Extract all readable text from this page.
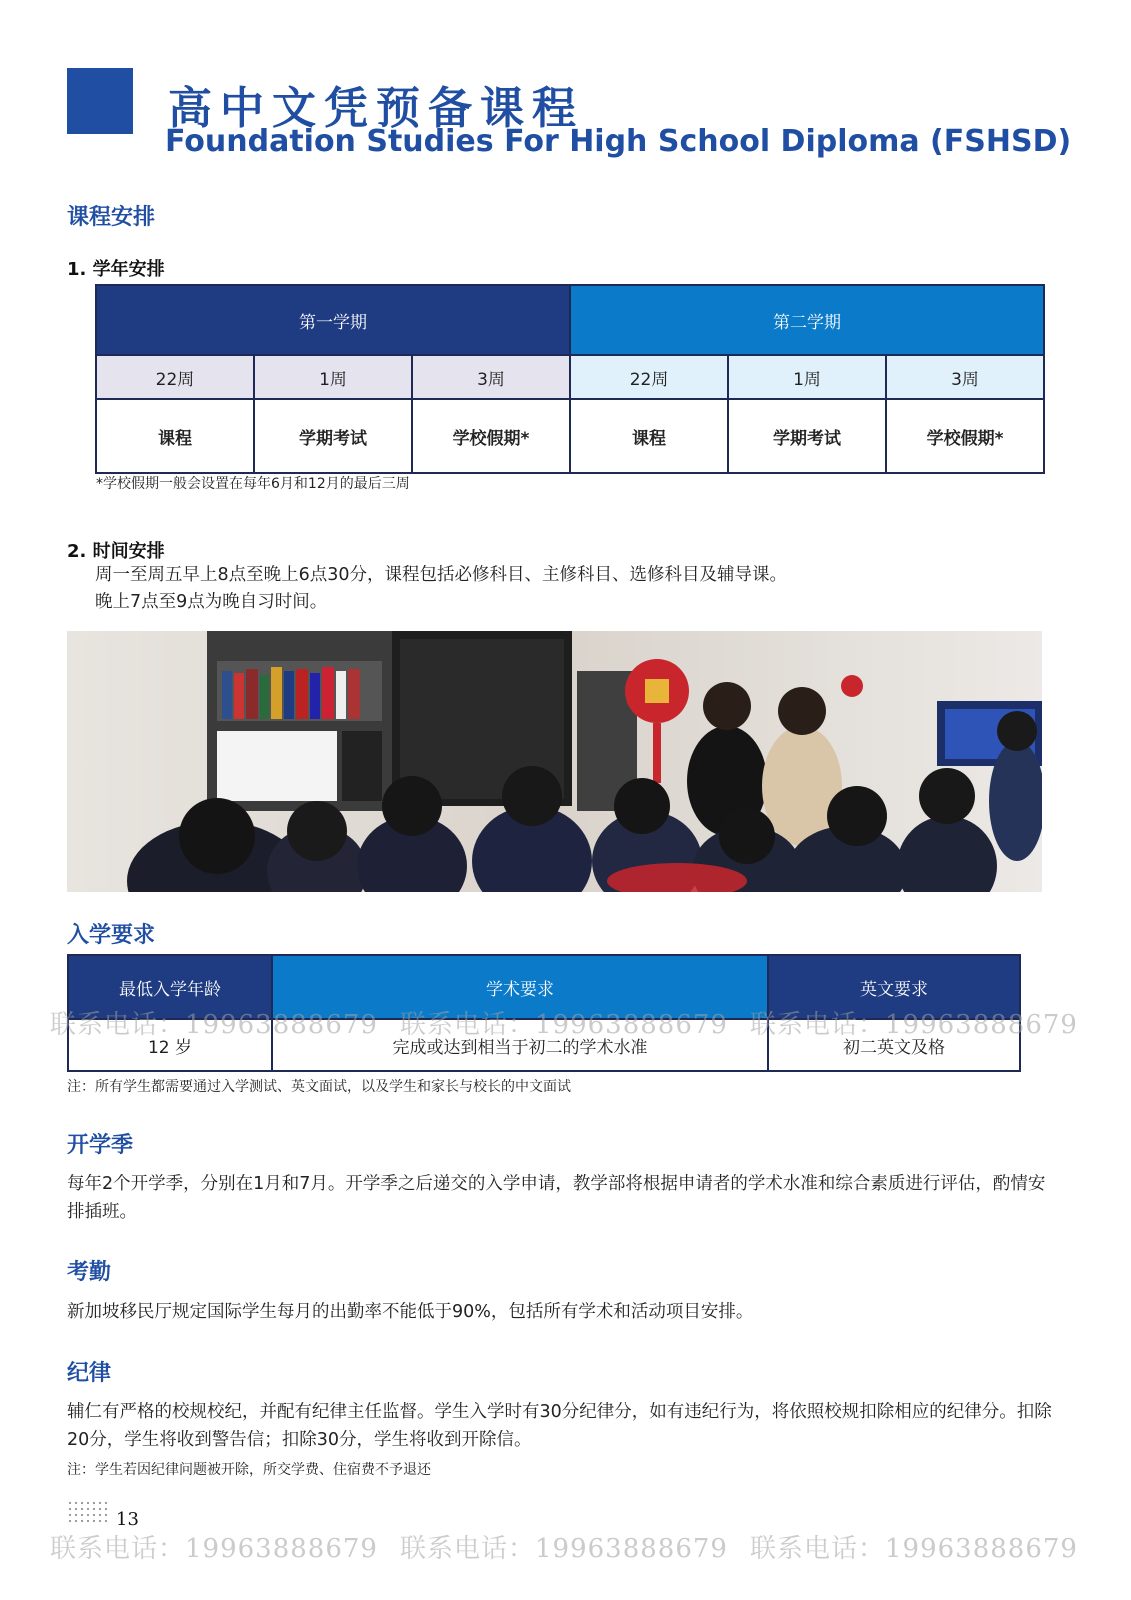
高中文凭预备课程
Foundation Studies For High School Diploma (FSHSD)
课程安排
1. 学年安排
第一学期			第二学期		
22周	1周	3周	22周	1周	3周
课程	学期考试	学校假期*	课程	学期考试	学校假期*
*学校假期一般会设置在每年6月和12月的最后三周
2. 时间安排
周一至周五早上8点至晚上6点30分，课程包括必修科目、主修科目、选修科目及辅导课。
晚上7点至9点为晚自习时间。
入学要求
最低入学年龄	学术要求	英文要求
12 岁	完成或达到相当于初二的学术水准	初二英文及格
注：所有学生都需要通过入学测试、英文面试，以及学生和家长与校长的中文面试
开学季
每年2个开学季，分别在1月和7月。开学季之后递交的入学申请，教学部将根据申请者的学术水准和综合素质进行评估，酌情安排插班。
考勤
新加坡移民厅规定国际学生每月的出勤率不能低于90%，包括所有学术和活动项目安排。
纪律
辅仁有严格的校规校纪，并配有纪律主任监督。学生入学时有30分纪律分，如有违纪行为，将依照校规扣除相应的纪律分。扣除20分，学生将收到警告信；扣除30分，学生将收到开除信。
注：学生若因纪律问题被开除，所交学费、住宿费不予退还
联系电话：19963888679 联系电话：19963888679 联系电话：19963888679
联系电话：19963888679 联系电话：19963888679 联系电话：19963888679
13
